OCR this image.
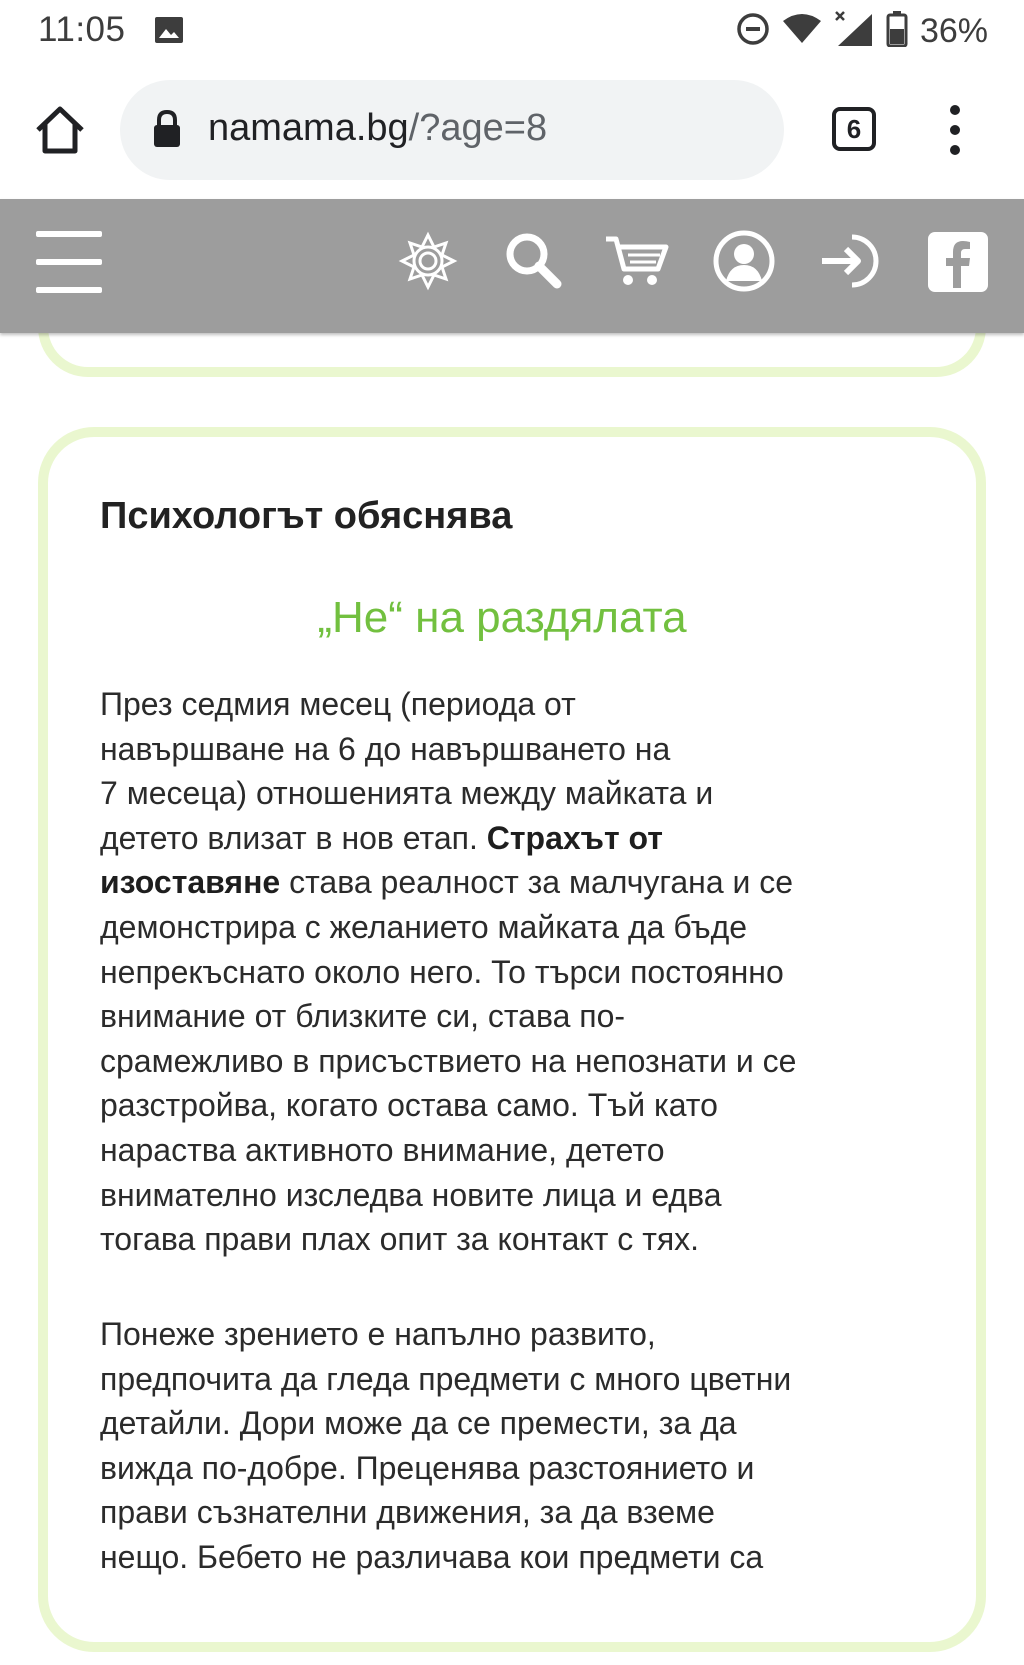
11:05	36%
namama.bg/?age=8	6
Психологът обяснява
„Не“ на раздялата

През седмия месец (периода от
навършване на 6 до навършването на
7 месеца) отношенията между майката и
детето влизат в нов етап. Страхът от
изоставяне става реалност за малчугана и се
демонстрира с желанието майката да бъде
непрекъснато около него. То търси постоянно
внимание от близките си, става по-
срамежливо в присъствието на непознати и се
разстройва, когато остава само. Тъй като
нараства активното внимание, детето
внимателно изследва новите лица и едва
тогава прави плах опит за контакт с тях.

Понеже зрението е напълно развито,
предпочита да гледа предмети с много цветни
детайли. Дори може да се премести, за да
вижда по-добре. Преценява разстоянието и
прави съзнателни движения, за да вземе
нещо. Бебето не различава кои предмети са
